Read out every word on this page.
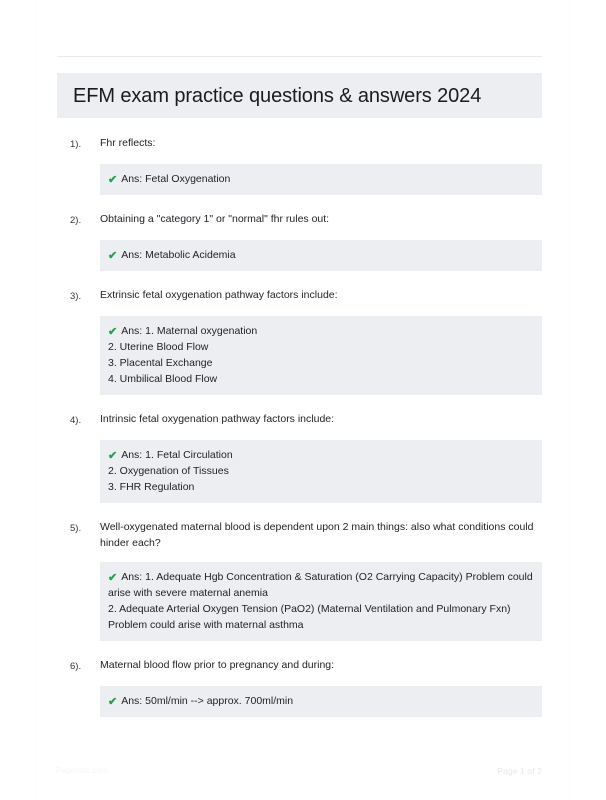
EFM exam practice questions & answers 2024
1).	Fhr reflects:
✔ Ans: Fetal Oxygenation
2).	Obtaining a "category 1" or "normal" fhr rules out:
✔ Ans: Metabolic Acidemia
3).	Extrinsic fetal oxygenation pathway factors include:
✔ Ans: 1. Maternal oxygenation
2. Uterine Blood Flow
3. Placental Exchange
4. Umbilical Blood Flow
4).	Intrinsic fetal oxygenation pathway factors include:
✔ Ans: 1. Fetal Circulation
2. Oxygenation of Tissues
3. FHR Regulation
5).	Well-oxygenated maternal blood is dependent upon 2 main things: also what conditions could hinder each?
✔ Ans: 1. Adequate Hgb Concentration & Saturation (O2 Carrying Capacity) Problem could arise with severe maternal anemia
2. Adequate Arterial Oxygen Tension (PaO2) (Maternal Ventilation and Pulmonary Fxn) Problem could arise with maternal asthma
6).	Maternal blood flow prior to pregnancy and during:
✔ Ans: 50ml/min --> approx. 700ml/min
Paperstic.com	Page 1 of 2
